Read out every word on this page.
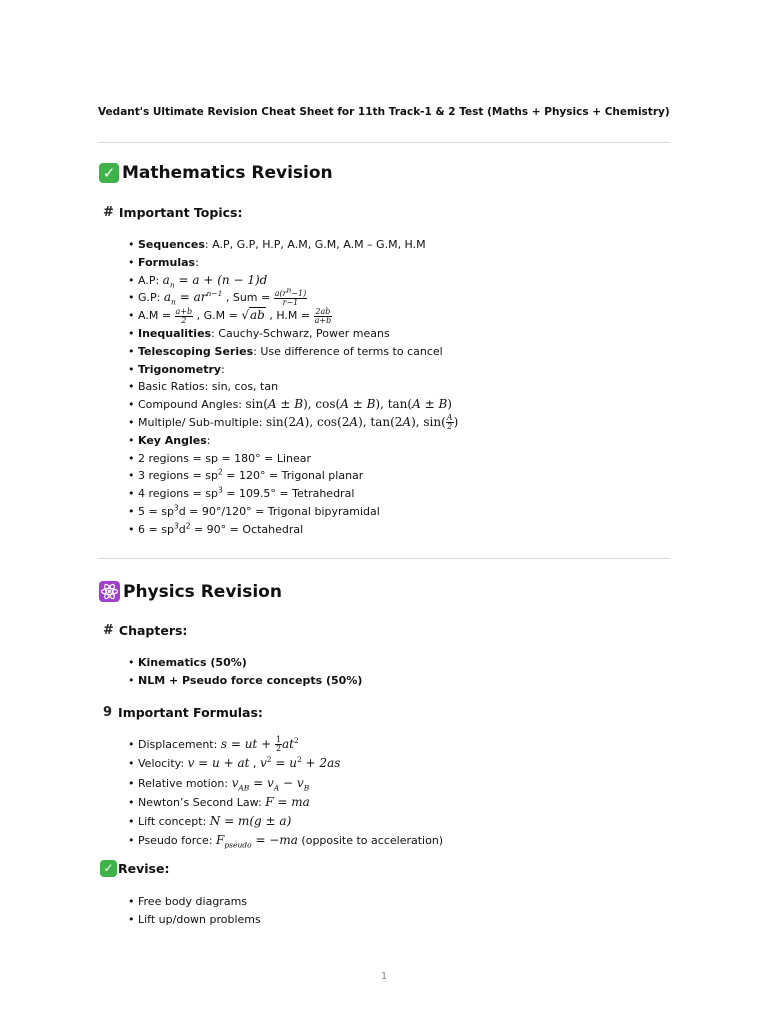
Vedant's Ultimate Revision Cheat Sheet for 11th Track-1 & 2 Test (Maths + Physics + Chemistry)
✓ Mathematics Revision
# Important Topics:
• Sequences: A.P, G.P, H.P, A.M, G.M, A.M – G.M, H.M
• Formulas:
• A.P: $a_n = a + (n - 1)d$
• G.P: $a_n = ar^{n-1}$ , Sum = $\frac{a(r^n-1)}{r-1}$
• $A.M = \frac{a+b}{2}$ , G.M = √ab , $H.M = \frac{2ab}{a+b}$
• Inequalities: Cauchy-Schwarz, Power means
• Telescoping Series: Use difference of terms to cancel
• Trigonometry:
• Basic Ratios: sin, cos, tan
• Compound Angles: sin(A ± B), cos(A ± B), tan(A ± B)
• Multiple/ Sub-multiple: sin(2A), cos(2A), tan(2A), $\sin( \frac{A}{2}$ )
• Key Angles:
• 2 regions = sp = 180° = Linear
• 3 regions = $sp^2 = 120^\circ$ = Trigonal planar
• 4 regions = $sp^3 = 109.5^\circ$ = Tetrahedral
• $5 = sp^3d = 90^\circ/120^\circ$ = Trigonal bipyramidal
• $6 = sp^3d^2 = 90^\circ$ = Octahedral
Physics Revision
# Chapters:
• Kinematics (50%)
• NLM + Pseudo force concepts (50%)
9 Important Formulas:
• Displacement: s = ut + $\frac{1}{2} at^2$
• Velocity: v = u + at , $v^2 = u^2 + 2as$
• Relative motion: $v_{AB} = v_A - v_B$
• Newton’s Second Law: F = ma
• Lift concept: N = m(g ± a)
• Pseudo force: $F_{pseudo} = -ma$ (opposite to acceleration)
✓ Revise:
• Free body diagrams
• Lift up/down problems
1
